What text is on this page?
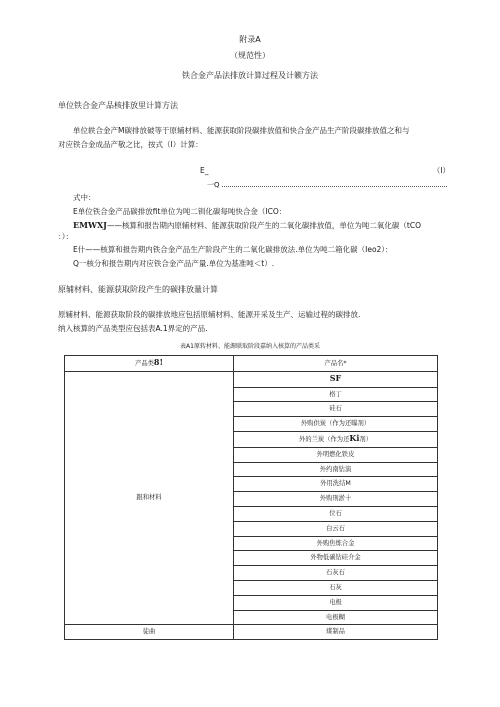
附录A
（规范性）
铁合金产品法排放计算过程及计籁方法
单位铁合金产品核排放里计算方法
单位轶合金产M碳排放破等于原辅材料、能源获取阶段碳排放值和快合金产品生产阶段碳排放值之和与
对应铁合金成品产敬之比，按式（I）计算：
E_	（I）
一Q
式中：
E单位铁合金产品碳排放fit单位为吨二钏化碳每吨快合金（ICO：
EMWXJ——核算和报告期内原辅材料、能源获取阶段产生的二氧化碳排放值，单位为吨二氧化碳（tCO
：）：
E什——核算和报告期内铁合金产品生产阶段产生的二氧化碳排放法.单位为吨二箱化碳（Ieo2）：
Q一核分和报告期内对应铁合金产品产量.单位为基准吨＜t）.
原辅材料、能源获取阶段产生的碳排放量计算
原辅材料、能源获取阶段的碳排放地应包括原辅材料、能源开采及生产、运输过程的碳排放.
纳入核算的产品类型应包括表A.1界定的产品.
表A1原转材料、能源联取阶段嘉纳入核算的产品类采
产品类8!	产品名*
跟和材料	SF
	格丁
	硅石
	外购供炭（作为还曝剂）
	外的兰炭（作为还Ki剂）
	外明燃化铁皮
	外约南钻演
	外用洗结M
	外购刑淤十
	位石
	白云石
	外购焦炼合金
	外物低碳钻硅介金
	石灰石
	石灰
	电极
	电极糊
徒曲	煤制品
